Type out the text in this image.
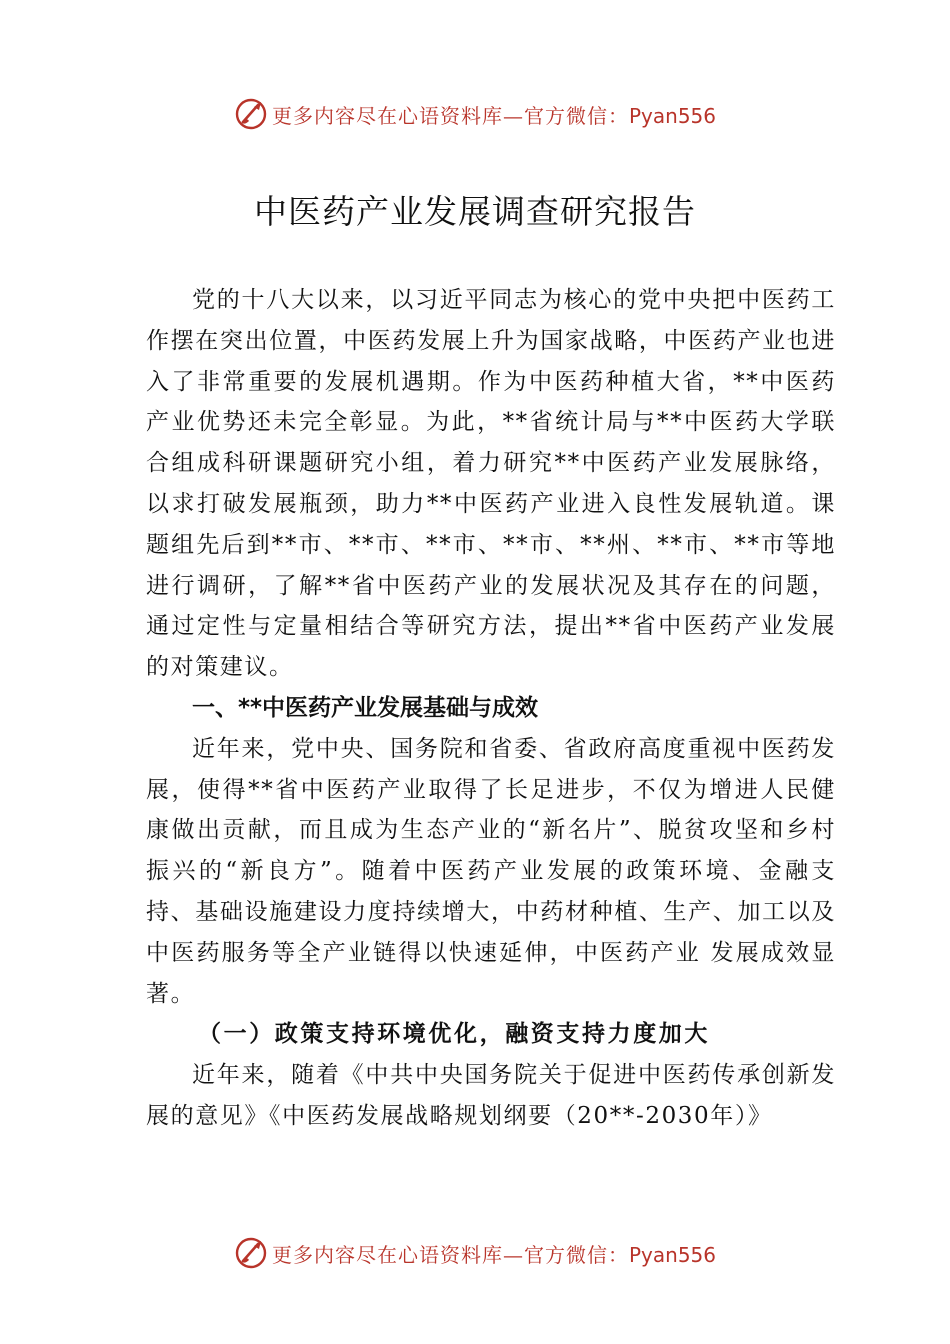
更多内容尽在心语资料库—官方微信：Pyan556
中医药产业发展调查研究报告

党的十八大以来，以习近平同志为核心的党中央把中医药工作摆在突出位置，中医药发展上升为国家战略，中医药产业也进入了非常重要的发展机遇期。作为中医药种植大省，**中医药产业优势还未完全彰显。为此，**省统计局与**中医药大学联合组成科研课题研究小组，着力研究**中医药产业发展脉络，以求打破发展瓶颈，助力**中医药产业进入良性发展轨道。课题组先后到**市、**市、**市、**市、**州、**市、**市等地进行调研，了解**省中医药产业的发展状况及其存在的问题，通过定性与定量相结合等研究方法，提出**省中医药产业发展的对策建议。

一、**中医药产业发展基础与成效

近年来，党中央、国务院和省委、省政府高度重视中医药发展，使得**省中医药产业取得了长足进步，不仅为增进人民健康做出贡献，而且成为生态产业的“新名片”、脱贫攻坚和乡村振兴的“新良方”。随着中医药产业发展的政策环境、金融支持、基础设施建设力度持续增大，中药材种植、生产、加工以及中医药服务等全产业链得以快速延伸，中医药产业 发展成效显著。

（一）政策支持环境优化，融资支持力度加大

近年来，随着《中共中央国务院关于促进中医药传承创新发展的意见》《中医药发展战略规划纲要（20**-2030年）》

更多内容尽在心语资料库—官方微信：Pyan556
